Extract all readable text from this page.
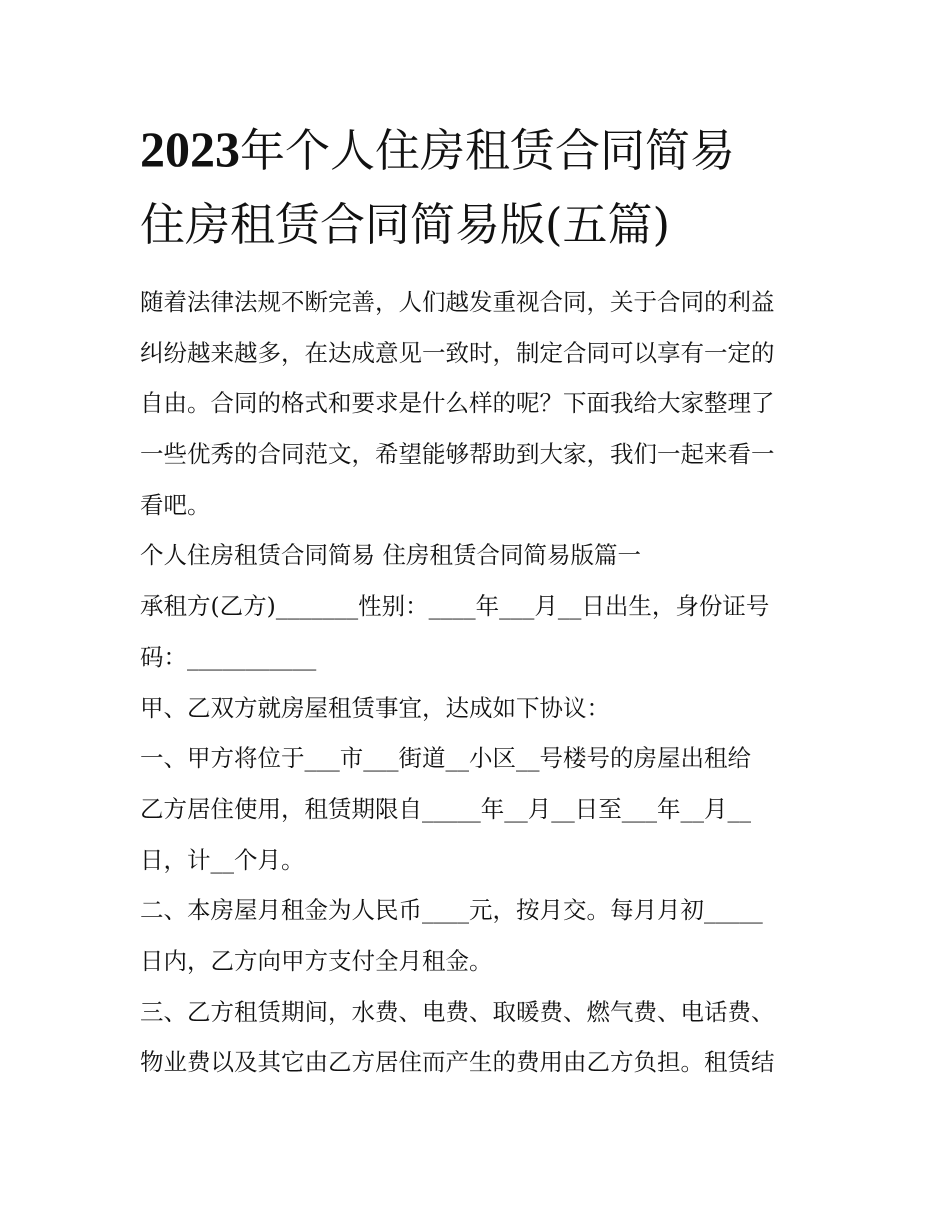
2023年个人住房租赁合同简易
住房租赁合同简易版(五篇)
随着法律法规不断完善，人们越发重视合同，关于合同的利益
纠纷越来越多，在达成意见一致时，制定合同可以享有一定的
自由。合同的格式和要求是什么样的呢？下面我给大家整理了
一些优秀的合同范文，希望能够帮助到大家，我们一起来看一
看吧。
个人住房租赁合同简易 住房租赁合同简易版篇一
承租方(乙方)_______性别：____年___月__日出生，身份证号
码：___________
甲、乙双方就房屋租赁事宜，达成如下协议：
一、甲方将位于___市___街道__小区__号楼号的房屋出租给
乙方居住使用，租赁期限自_____年__月__日至___年__月__
日，计__个月。
二、本房屋月租金为人民币____元，按月交。每月月初_____
日内，乙方向甲方支付全月租金。
三、乙方租赁期间，水费、电费、取暖费、燃气费、电话费、
物业费以及其它由乙方居住而产生的费用由乙方负担。租赁结
